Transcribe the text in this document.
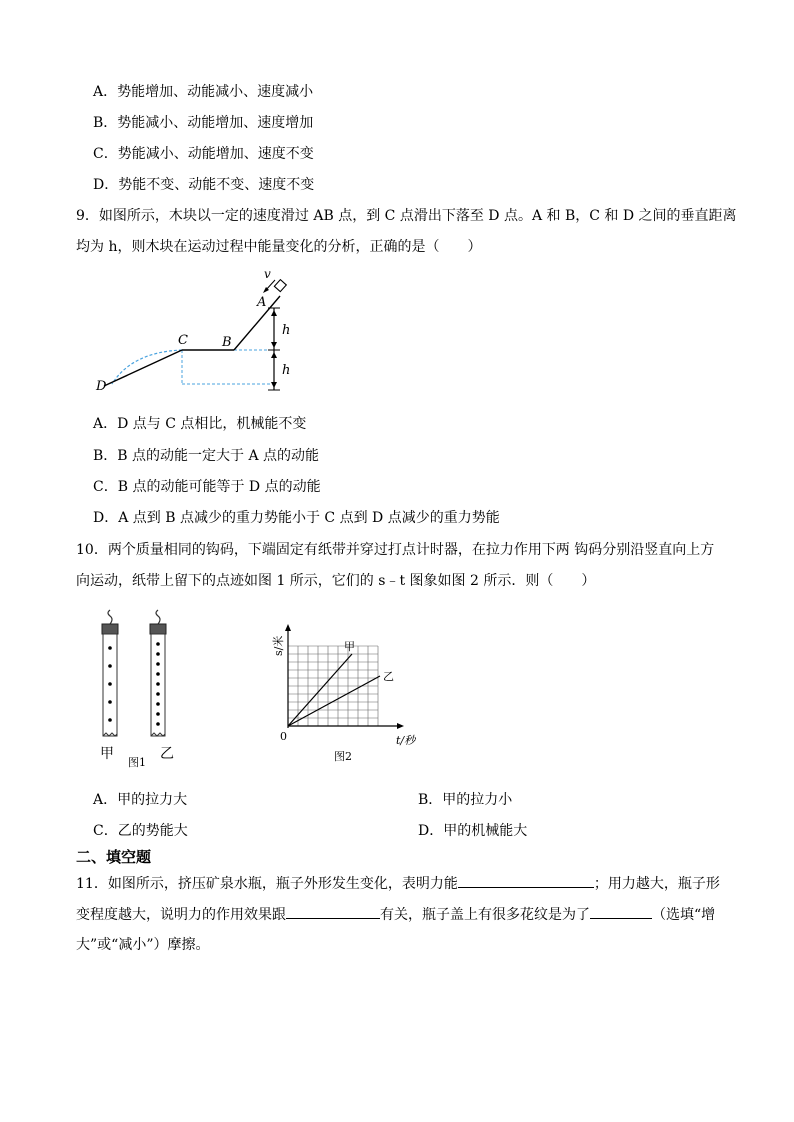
A．势能增加、动能减小、速度减小
B．势能减小、动能增加、速度增加
C．势能减小、动能增加、速度不变
D．势能不变、动能不变、速度不变
9．如图所示，木块以一定的速度滑过 AB 点，到 C 点滑出下落至 D 点。A 和 B，C 和 D 之间的垂直距离
均为 h，则木块在运动过程中能量变化的分析，正确的是（　　）
v
A
B
C
D
h
h
A．D 点与 C 点相比，机械能不变
B．B 点的动能一定大于 A 点的动能
C．B 点的动能可能等于 D 点的动能
D．A 点到 B 点减少的重力势能小于 C 点到 D 点减少的重力势能
10．两个质量相同的钩码，下端固定有纸带并穿过打点计时器，在拉力作用下两 钩码分别沿竖直向上方
向运动，纸带上留下的点迹如图 1 所示，它们的 s﹣t 图象如图 2 所示．则（　　）
甲	乙
图1
s/米
t/秒
0
甲
乙
图2
A．甲的拉力大	B．甲的拉力小
C．乙的势能大	D．甲的机械能大
二、填空题
11．如图所示，挤压矿泉水瓶，瓶子外形发生变化，表明力能	；用力越大，瓶子形
变程度越大，说明力的作用效果跟	有关，瓶子盖上有很多花纹是为了	（选填“增
大”或“减小”）摩擦。
